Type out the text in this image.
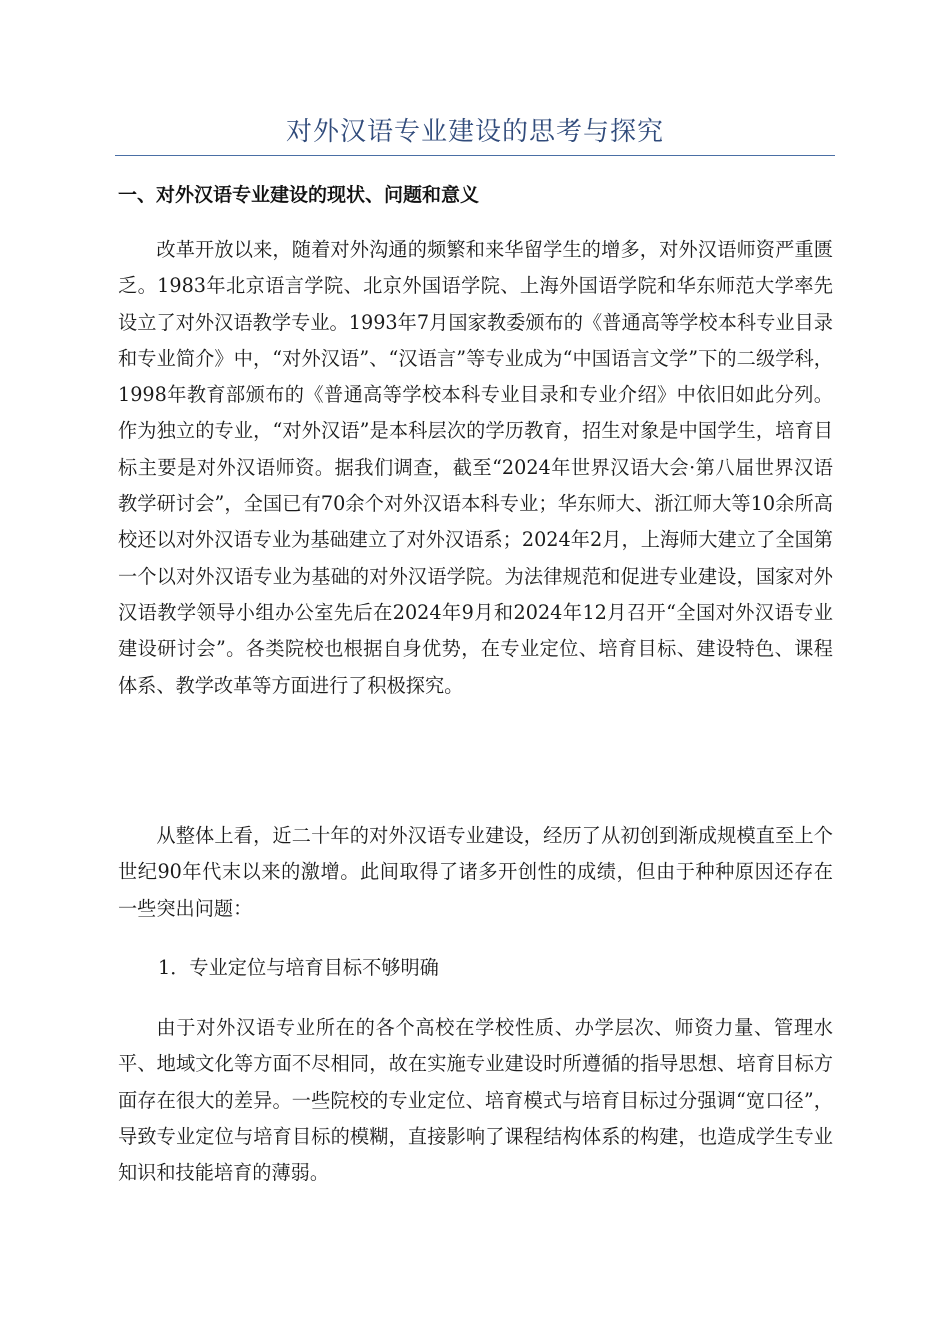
对外汉语专业建设的思考与探究
一、对外汉语专业建设的现状、问题和意义

改革开放以来，随着对外沟通的频繁和来华留学生的增多，对外汉语师资严重匮乏。1983年北京语言学院、北京外国语学院、上海外国语学院和华东师范大学率先设立了对外汉语教学专业。1993年7月国家教委颁布的《普通高等学校本科专业目录和专业简介》中，“对外汉语”、“汉语言”等专业成为“中国语言文学”下的二级学科，1998年教育部颁布的《普通高等学校本科专业目录和专业介绍》中依旧如此分列。作为独立的专业，“对外汉语”是本科层次的学历教育，招生对象是中国学生，培育目标主要是对外汉语师资。据我们调查，截至“2024年世界汉语大会·第八届世界汉语教学研讨会”，全国已有70余个对外汉语本科专业；华东师大、浙江师大等10余所高校还以对外汉语专业为基础建立了对外汉语系；2024年2月，上海师大建立了全国第一个以对外汉语专业为基础的对外汉语学院。为法律规范和促进专业建设，国家对外汉语教学领导小组办公室先后在2024年9月和2024年12月召开“全国对外汉语专业建设研讨会”。各类院校也根据自身优势，在专业定位、培育目标、建设特色、课程体系、教学改革等方面进行了积极探究。

从整体上看，近二十年的对外汉语专业建设，经历了从初创到渐成规模直至上个世纪90年代末以来的激增。此间取得了诸多开创性的成绩，但由于种种原因还存在一些突出问题：

1．专业定位与培育目标不够明确

由于对外汉语专业所在的各个高校在学校性质、办学层次、师资力量、管理水平、地域文化等方面不尽相同，故在实施专业建设时所遵循的指导思想、培育目标方面存在很大的差异。一些院校的专业定位、培育模式与培育目标过分强调“宽口径”，导致专业定位与培育目标的模糊，直接影响了课程结构体系的构建，也造成学生专业知识和技能培育的薄弱。
